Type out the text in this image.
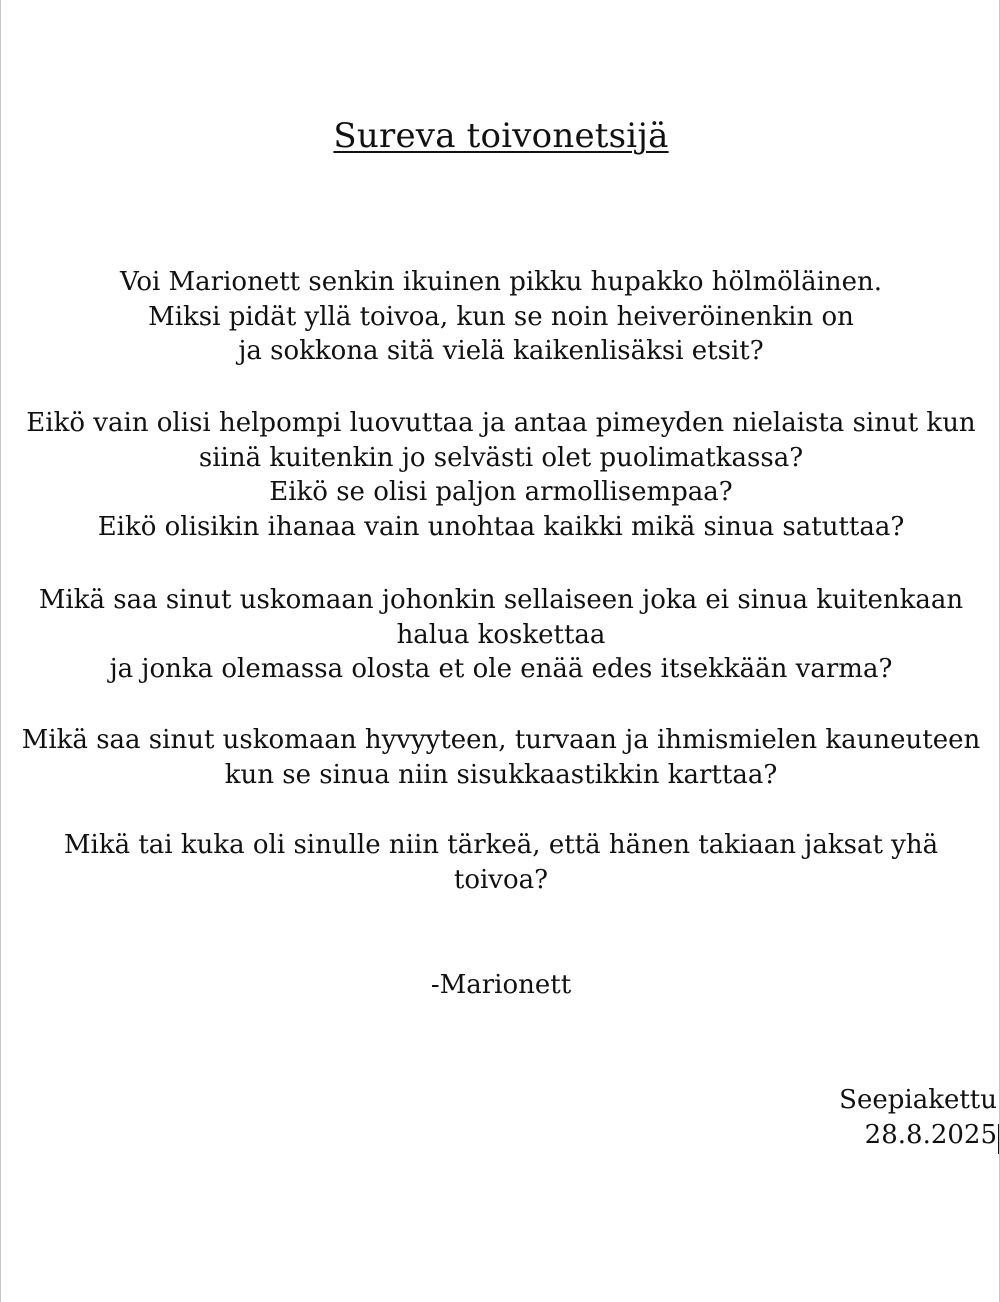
Sureva toivonetsijä
Voi Marionett senkin ikuinen pikku hupakko hölmöläinen.
Miksi pidät yllä toivoa, kun se noin heiveröinenkin on
ja sokkona sitä vielä kaikenlisäksi etsit?
Eikö vain olisi helpompi luovuttaa ja antaa pimeyden nielaista sinut kun
siinä kuitenkin jo selvästi olet puolimatkassa?
Eikö se olisi paljon armollisempaa?
Eikö olisikin ihanaa vain unohtaa kaikki mikä sinua satuttaa?
Mikä saa sinut uskomaan johonkin sellaiseen joka ei sinua kuitenkaan
halua koskettaa
ja jonka olemassa olosta et ole enää edes itsekkään varma?
Mikä saa sinut uskomaan hyvyyteen, turvaan ja ihmismielen kauneuteen
kun se sinua niin sisukkaastikkin karttaa?
Mikä tai kuka oli sinulle niin tärkeä, että hänen takiaan jaksat yhä
toivoa?
-Marionett
Seepiakettu
28.8.2025
